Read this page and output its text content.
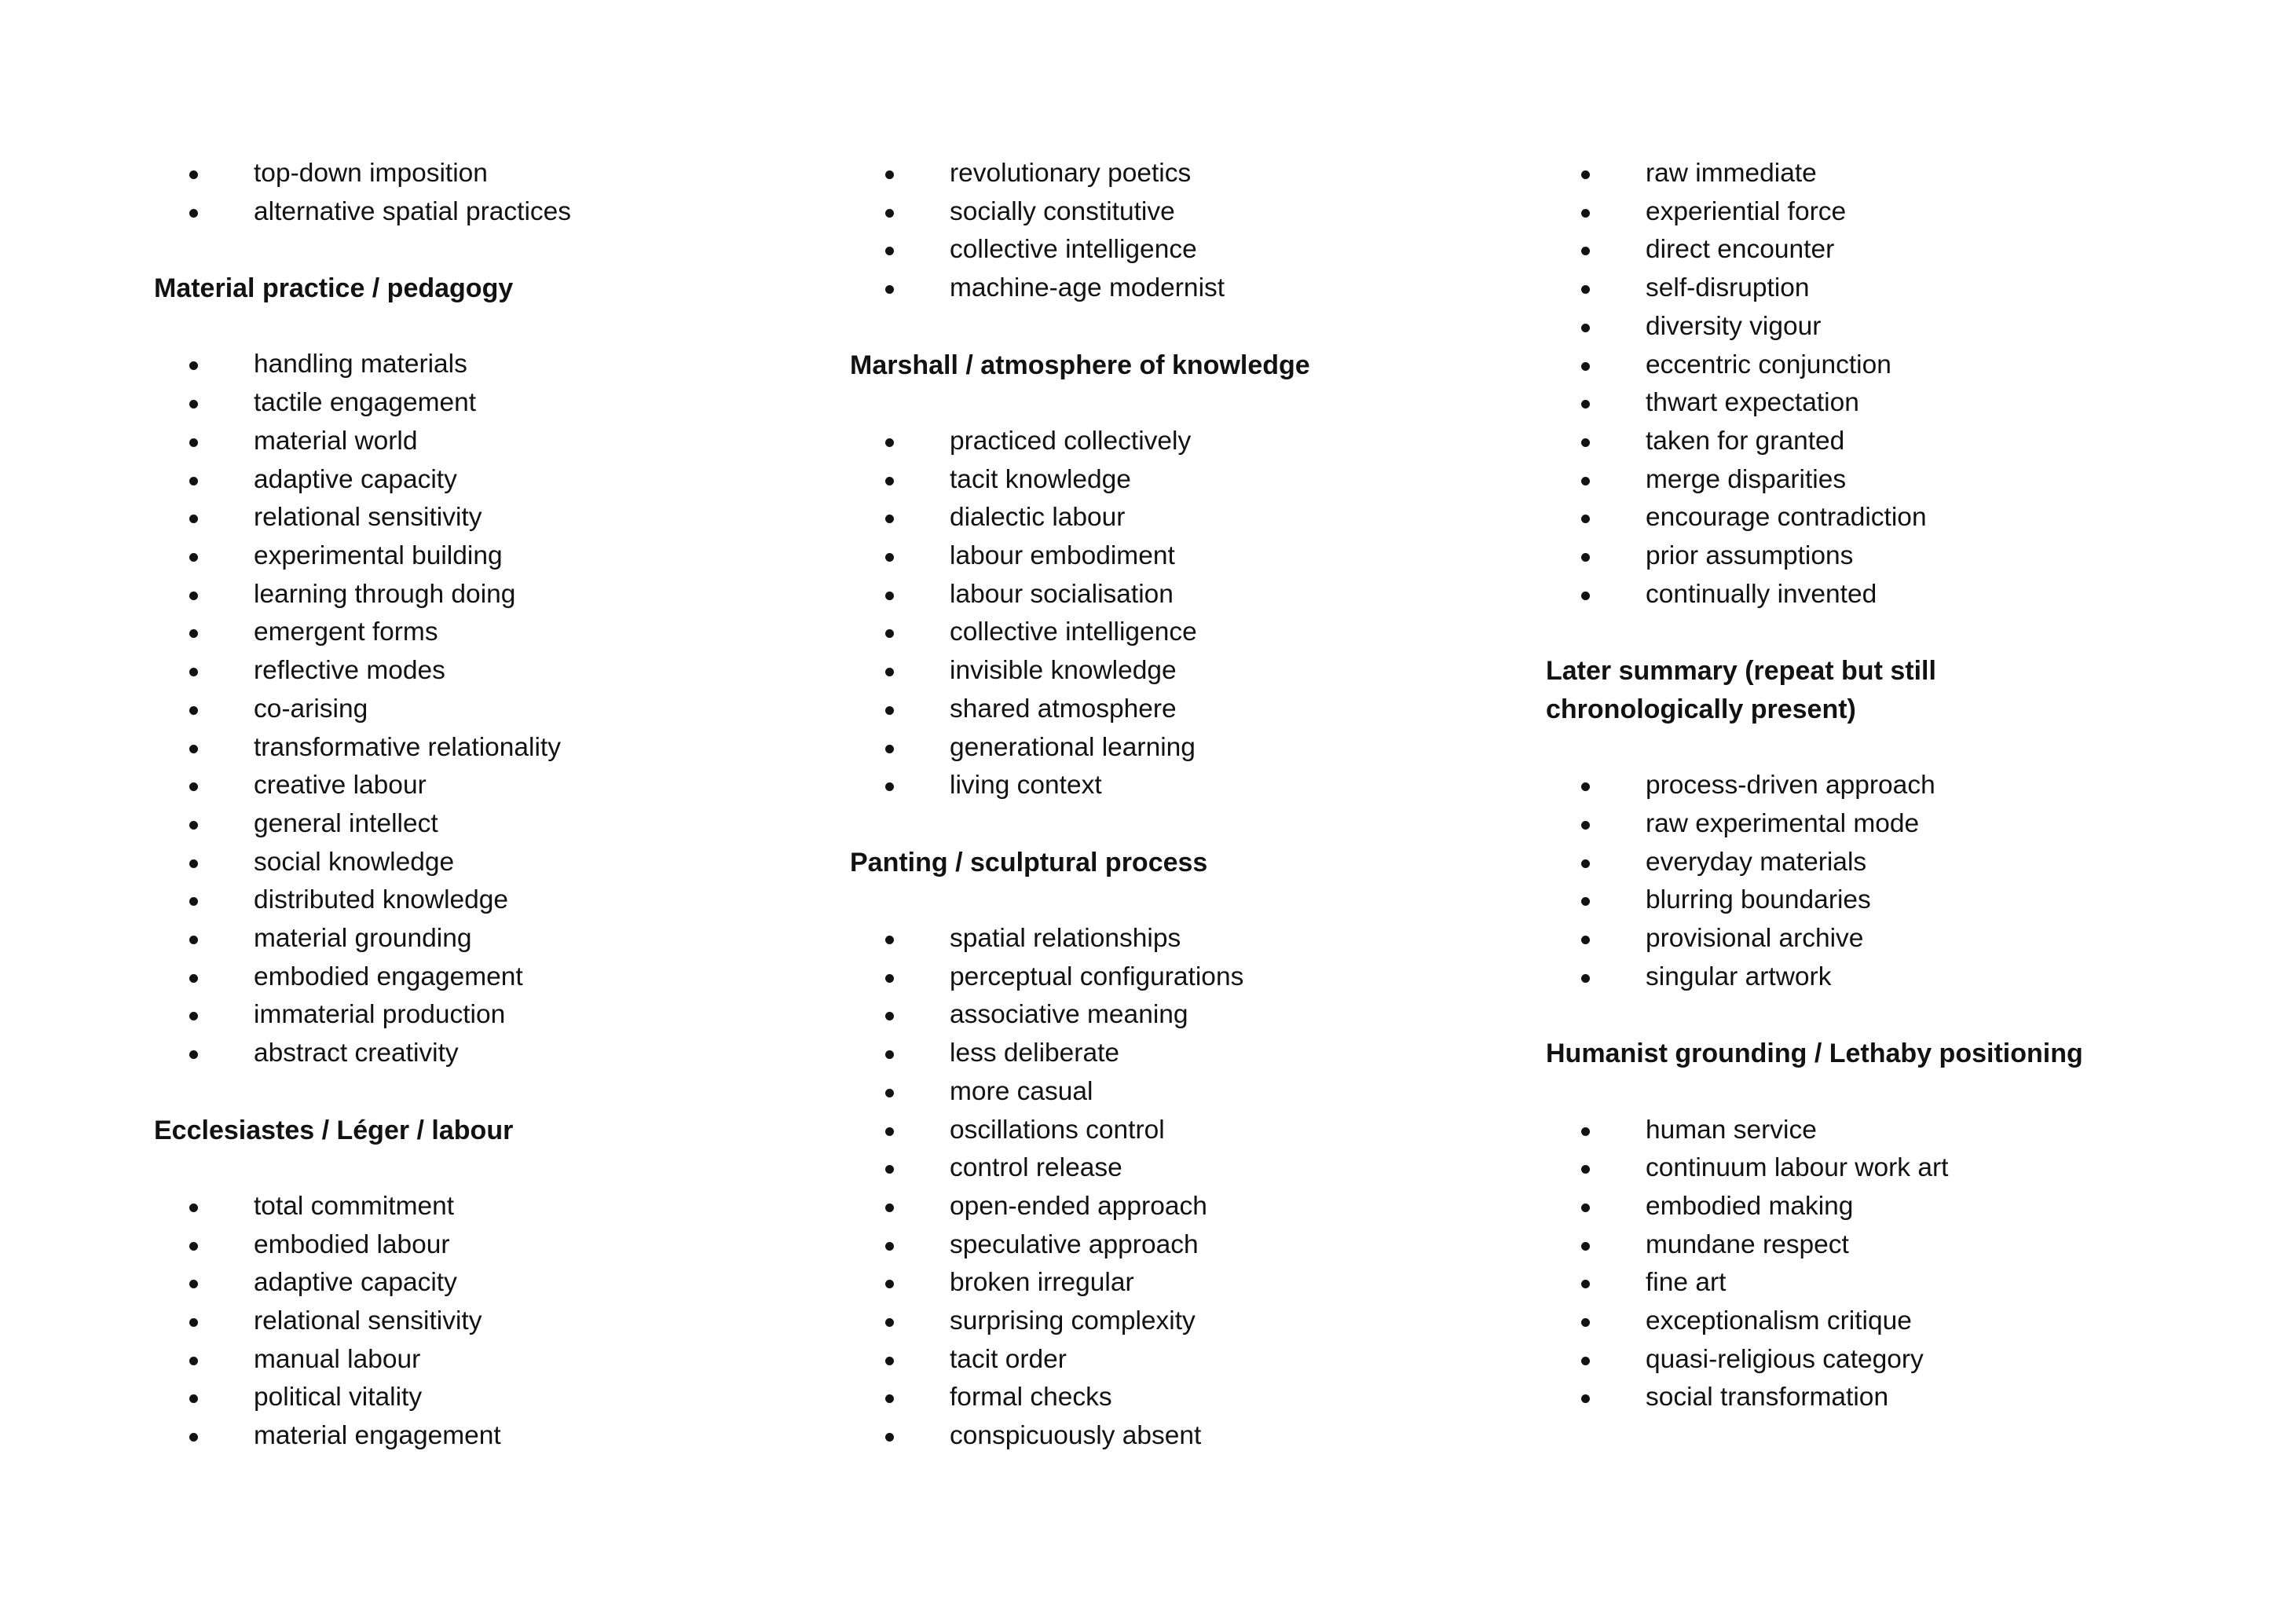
top-down imposition
alternative spatial practices
Material practice / pedagogy
handling materials
tactile engagement
material world
adaptive capacity
relational sensitivity
experimental building
learning through doing
emergent forms
reflective modes
co-arising
transformative relationality
creative labour
general intellect
social knowledge
distributed knowledge
material grounding
embodied engagement
immaterial production
abstract creativity
Ecclesiastes / Léger / labour
total commitment
embodied labour
adaptive capacity
relational sensitivity
manual labour
political vitality
material engagement
revolutionary poetics
socially constitutive
collective intelligence
machine-age modernist
Marshall / atmosphere of knowledge
practiced collectively
tacit knowledge
dialectic labour
labour embodiment
labour socialisation
collective intelligence
invisible knowledge
shared atmosphere
generational learning
living context
Panting / sculptural process
spatial relationships
perceptual configurations
associative meaning
less deliberate
more casual
oscillations control
control release
open-ended approach
speculative approach
broken irregular
surprising complexity
tacit order
formal checks
conspicuously absent
raw immediate
experiential force
direct encounter
self-disruption
diversity vigour
eccentric conjunction
thwart expectation
taken for granted
merge disparities
encourage contradiction
prior assumptions
continually invented
Later summary (repeat but still chronologically present)
process-driven approach
raw experimental mode
everyday materials
blurring boundaries
provisional archive
singular artwork
Humanist grounding / Lethaby positioning
human service
continuum labour work art
embodied making
mundane respect
fine art
exceptionalism critique
quasi-religious category
social transformation
